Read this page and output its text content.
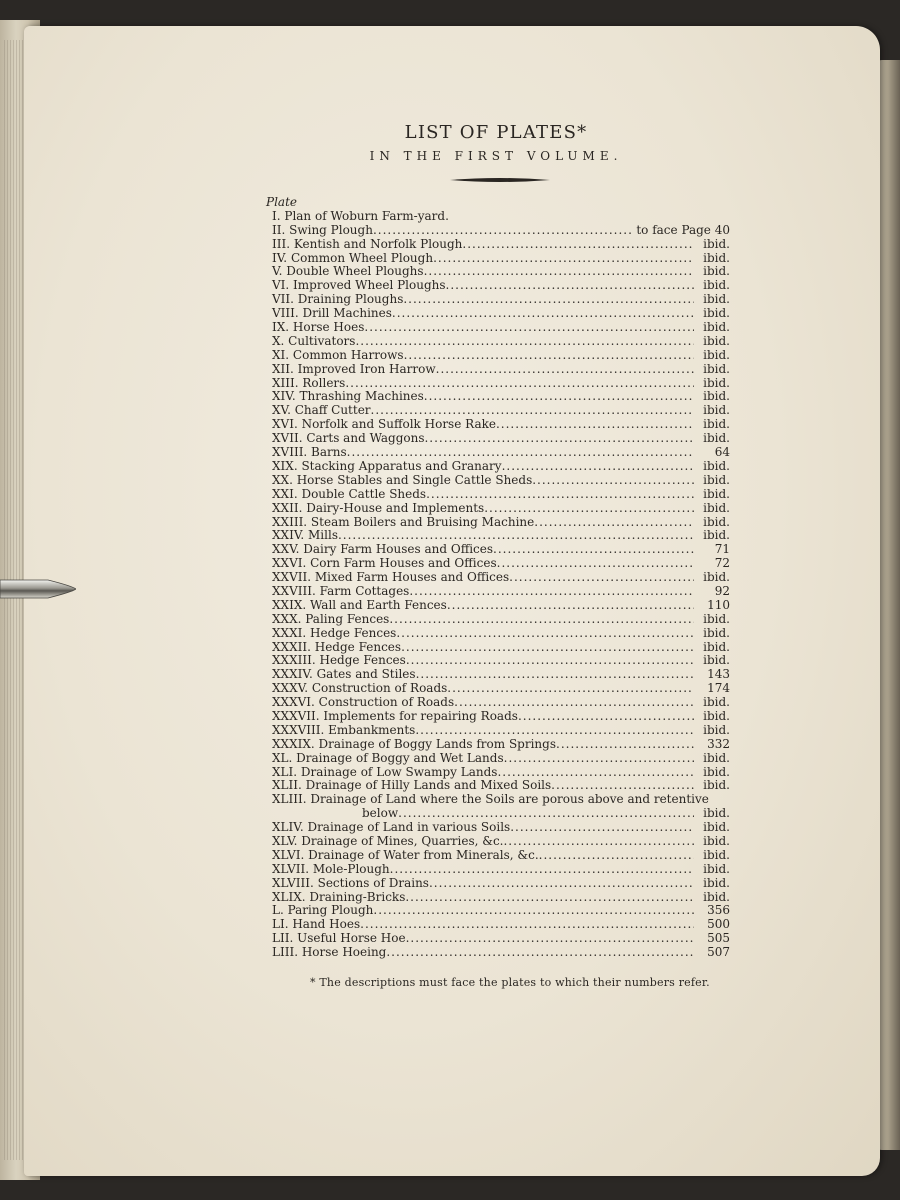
LIST OF PLATES*
IN THE FIRST VOLUME.
Plate
I. Plan of Woburn Farm-yard.
II. Swing Plough .....	to face Page 40
III. Kentish and Norfolk Plough .....	ibid.
IV. Common Wheel Plough .....	ibid.
V. Double Wheel Ploughs .....	ibid.
VI. Improved Wheel Ploughs .....	ibid.
VII. Draining Ploughs .....	ibid.
VIII. Drill Machines .....	ibid.
IX. Horse Hoes .....	ibid.
X. Cultivators .....	ibid.
XI. Common Harrows .....	ibid.
XII. Improved Iron Harrow .....	ibid.
XIII. Rollers .....	ibid.
XIV. Thrashing Machines .....	ibid.
XV. Chaff Cutter .....	ibid.
XVI. Norfolk and Suffolk Horse Rake .....	ibid.
XVII. Carts and Waggons .....	ibid.
XVIII. Barns .....	64
XIX. Stacking Apparatus and Granary .....	ibid.
XX. Horse Stables and Single Cattle Sheds .....	ibid.
XXI. Double Cattle Sheds .....	ibid.
XXII. Dairy-House and Implements .....	ibid.
XXIII. Steam Boilers and Bruising Machine .....	ibid.
XXIV. Mills .....	ibid.
XXV. Dairy Farm Houses and Offices .....	71
XXVI. Corn Farm Houses and Offices .....	72
XXVII. Mixed Farm Houses and Offices .....	ibid.
XXVIII. Farm Cottages .....	92
XXIX. Wall and Earth Fences .....	110
XXX. Paling Fences .....	ibid.
XXXI. Hedge Fences .....	ibid.
XXXII. Hedge Fences .....	ibid.
XXXIII. Hedge Fences .....	ibid.
XXXIV. Gates and Stiles .....	143
XXXV. Construction of Roads .....	174
XXXVI. Construction of Roads .....	ibid.
XXXVII. Implements for repairing Roads .....	ibid.
XXXVIII. Embankments .....	ibid.
XXXIX. Drainage of Boggy Lands from Springs .....	332
XL. Drainage of Boggy and Wet Lands .....	ibid.
XLI. Drainage of Low Swampy Lands .....	ibid.
XLII. Drainage of Hilly Lands and Mixed Soils .....	ibid.
XLIII. Drainage of Land where the Soils are porous above and retentive
below .....	ibid.
XLIV. Drainage of Land in various Soils .....	ibid.
XLV. Drainage of Mines, Quarries, &c. .....	ibid.
XLVI. Drainage of Water from Minerals, &c. .....	ibid.
XLVII. Mole-Plough .....	ibid.
XLVIII. Sections of Drains .....	ibid.
XLIX. Draining-Bricks .....	ibid.
L. Paring Plough .....	356
LI. Hand Hoes .....	500
LII. Useful Horse Hoe .....	505
LIII. Horse Hoeing .....	507
* The descriptions must face the plates to which their numbers refer.
